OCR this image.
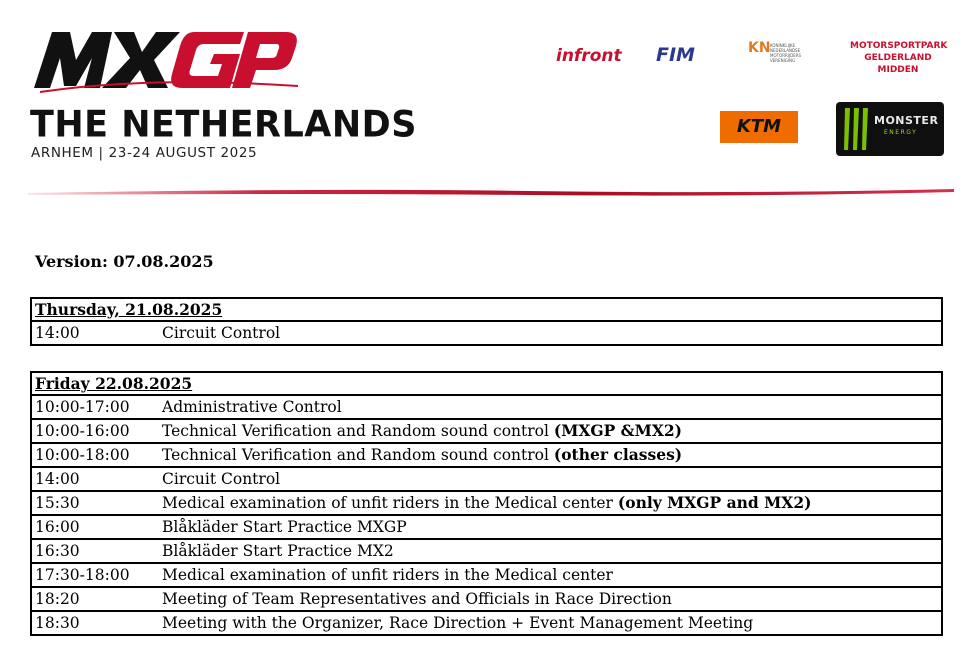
THE NETHERLANDS

ARNHEM | 23-24 AUGUST 2025

infront FIM	KN KONINKLIJKE NEDERLANDSE MOTORRIJDERS VERENIGING
MOTORSPORTPARK
GELDERLAND
MIDDEN
KTM	MONSTER
ENERGY

Version: 07.08.2025

Thursday, 21.08.2025
14:00	Circuit Control
Friday 22.08.2025	
10:00-17:00	Administrative Control
10:00-16:00	Technical Verification and Random sound control (MXGP &MX2)
10:00-18:00	Technical Verification and Random sound control (other classes)
14:00	Circuit Control
15:30	Medical examination of unfit riders in the Medical center (only MXGP and MX2)
16:00	Blåkläder Start Practice MXGP
16:30	Blåkläder Start Practice MX2
17:30-18:00	Medical examination of unfit riders in the Medical center
18:20	Meeting of Team Representatives and Officials in Race Direction
18:30	Meeting with the Organizer, Race Direction + Event Management Meeting
